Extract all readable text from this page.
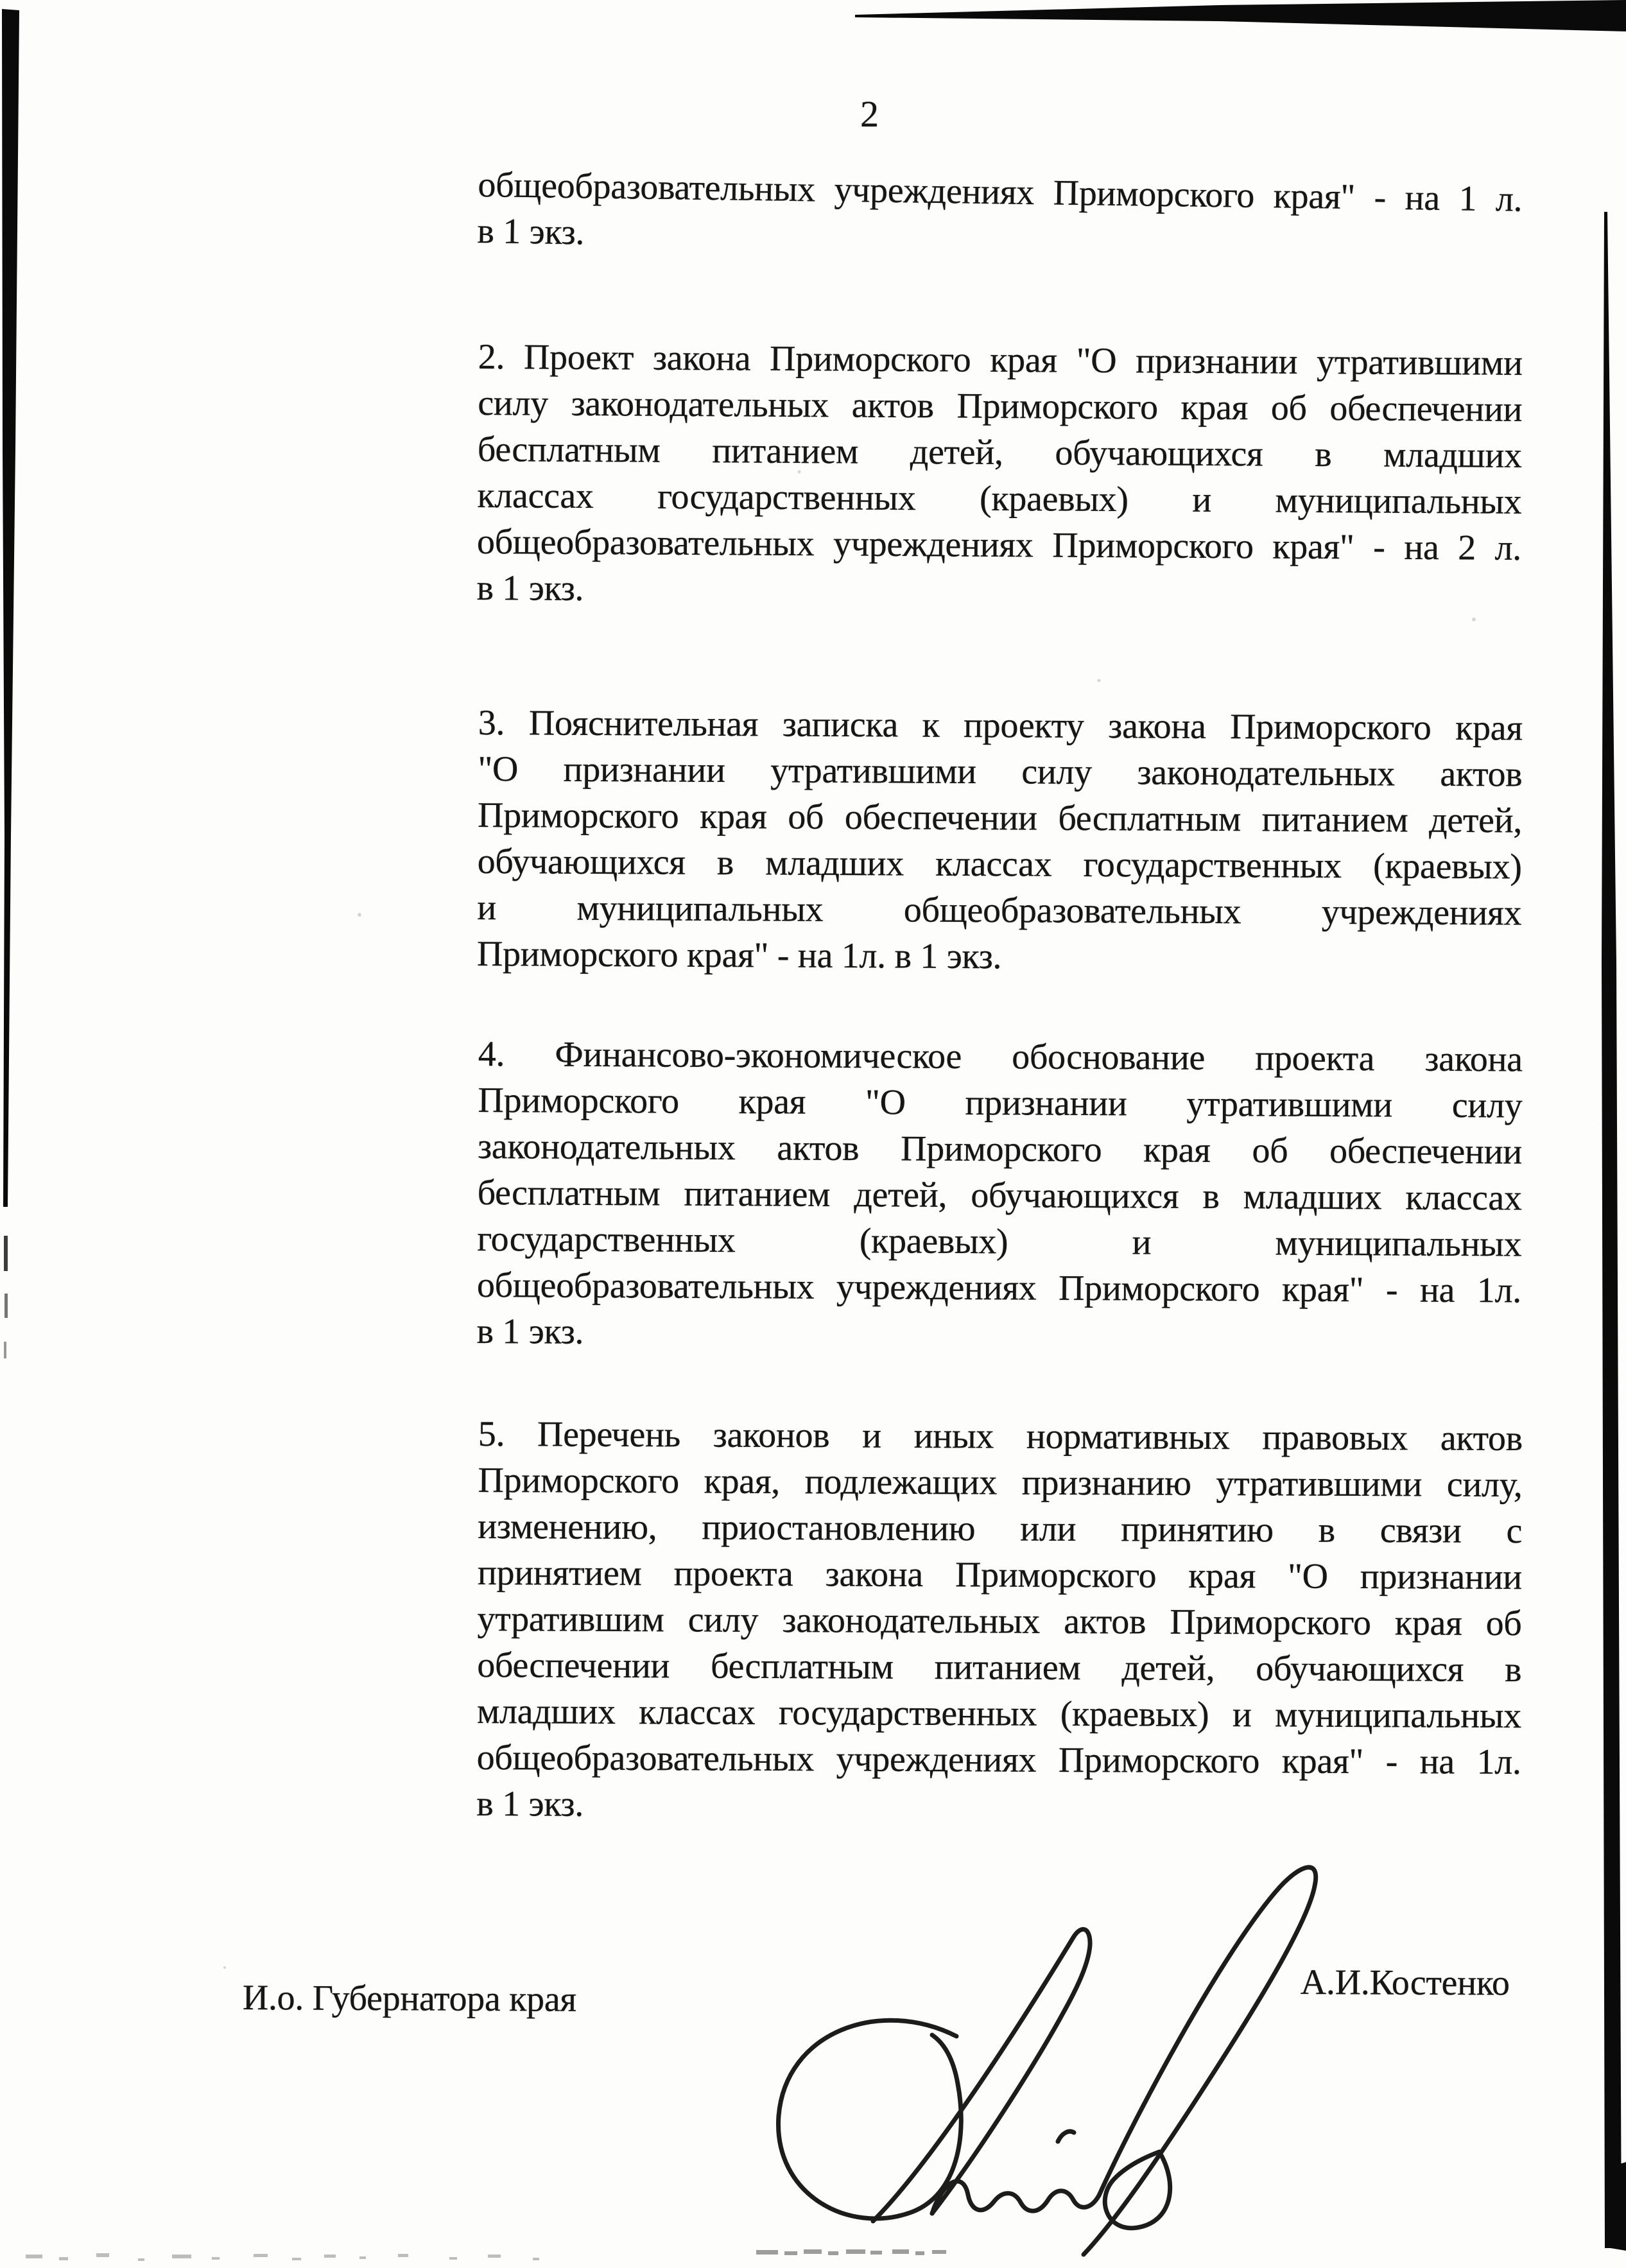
2
общеобразовательных учреждениях Приморского края" - на 1 л.
в 1 экз.
2. Проект закона Приморского края "О признании утратившими
силу законодательных актов Приморского края об обеспечении
бесплатным питанием детей, обучающихся в младших
классах государственных (краевых) и муниципальных
общеобразовательных учреждениях Приморского края" - на 2 л.
в 1 экз.
3. Пояснительная записка к проекту закона Приморского края
"О признании утратившими силу законодательных актов
Приморского края об обеспечении бесплатным питанием детей,
обучающихся в младших классах государственных (краевых)
и муниципальных общеобразовательных учреждениях
Приморского края" - на 1л. в 1 экз.
4. Финансово-экономическое обоснование проекта закона
Приморского края "О признании утратившими силу
законодательных актов Приморского края об обеспечении
бесплатным питанием детей, обучающихся в младших классах
государственных (краевых) и муниципальных
общеобразовательных учреждениях Приморского края" - на 1л.
в 1 экз.
5. Перечень законов и иных нормативных правовых актов
Приморского края, подлежащих признанию утратившими силу,
изменению, приостановлению или принятию в связи с
принятием проекта закона Приморского края "О признании
утратившим силу законодательных актов Приморского края об
обеспечении бесплатным питанием детей, обучающихся в
младших классах государственных (краевых) и муниципальных
общеобразовательных учреждениях Приморского края" - на 1л.
в 1 экз.
И.о. Губернатора края	А.И.Костенко
